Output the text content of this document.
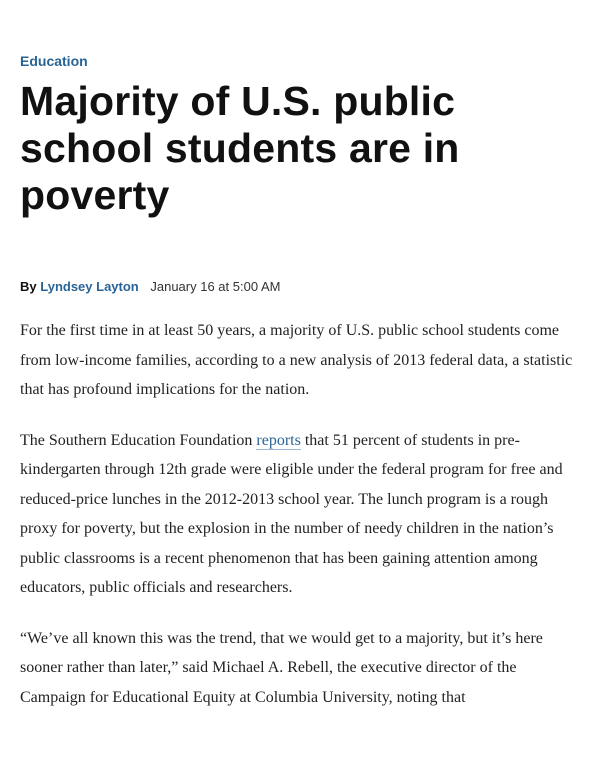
Education
Majority of U.S. public school students are in poverty
By Lyndsey Layton January 16 at 5:00 AM

For the first time in at least 50 years, a majority of U.S. public school students come from low-income families, according to a new analysis of 2013 federal data, a statistic that has profound implications for the nation.

The Southern Education Foundation reports that 51 percent of students in pre-kindergarten through 12th grade were eligible under the federal program for free and reduced-price lunches in the 2012-2013 school year. The lunch program is a rough proxy for poverty, but the explosion in the number of needy children in the nation’s public classrooms is a recent phenomenon that has been gaining attention among educators, public officials and researchers.

“We’ve all known this was the trend, that we would get to a majority, but it’s here sooner rather than later,” said Michael A. Rebell, the executive director of the Campaign for Educational Equity at Columbia University, noting that
